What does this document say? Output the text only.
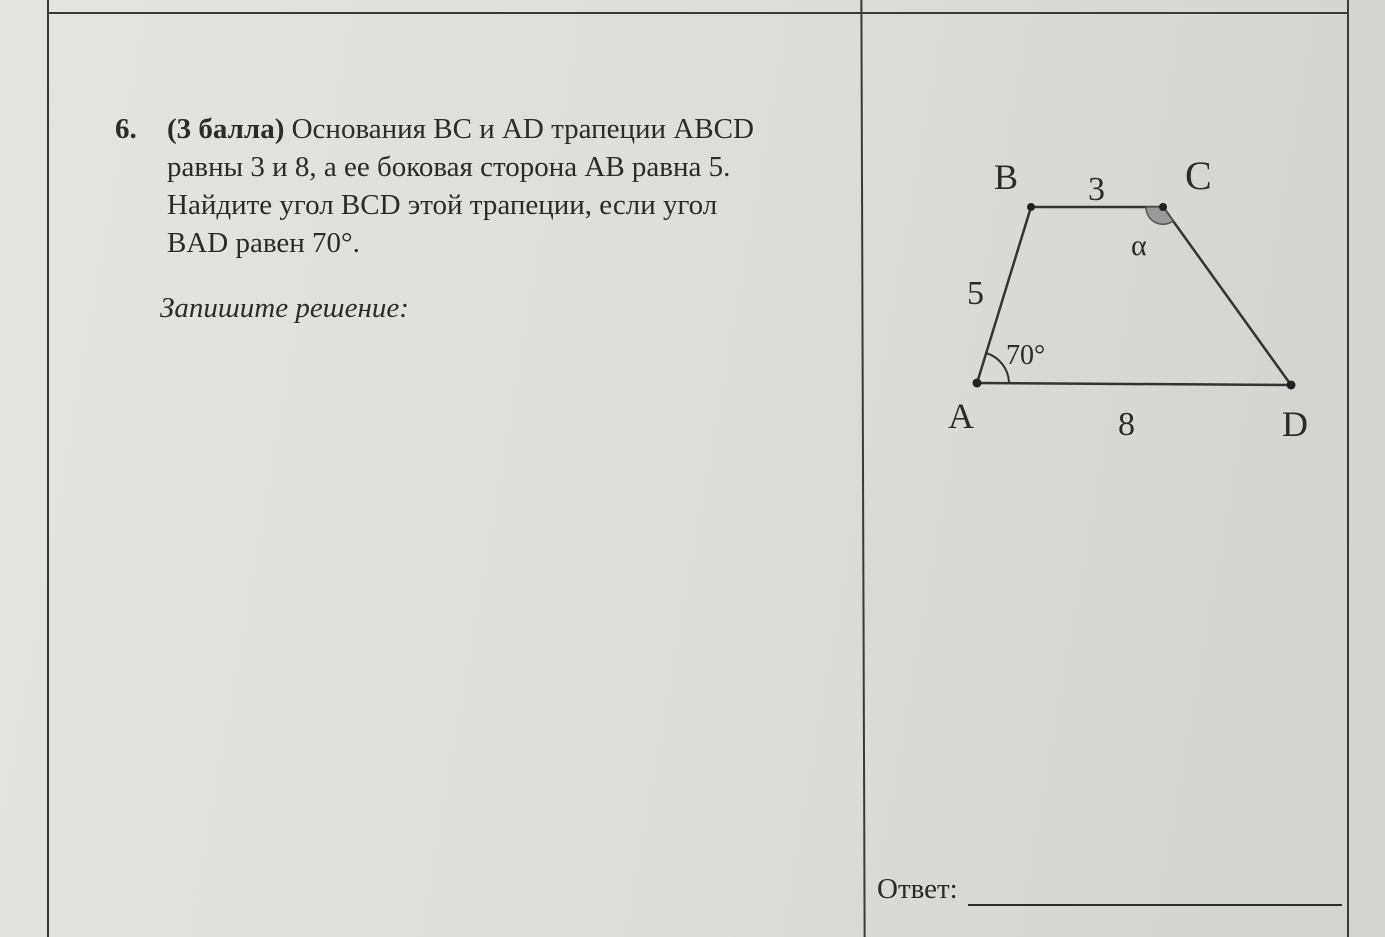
6. (3 балла) Основания BC и AD трапеции ABCD
равны 3 и 8, а ее боковая сторона AB равна 5.
Найдите угол BCD этой трапеции, если угол
BAD равен 70°.
Запишите решение:
B	C
A	D
3
5
8
70°
α
Ответ:
